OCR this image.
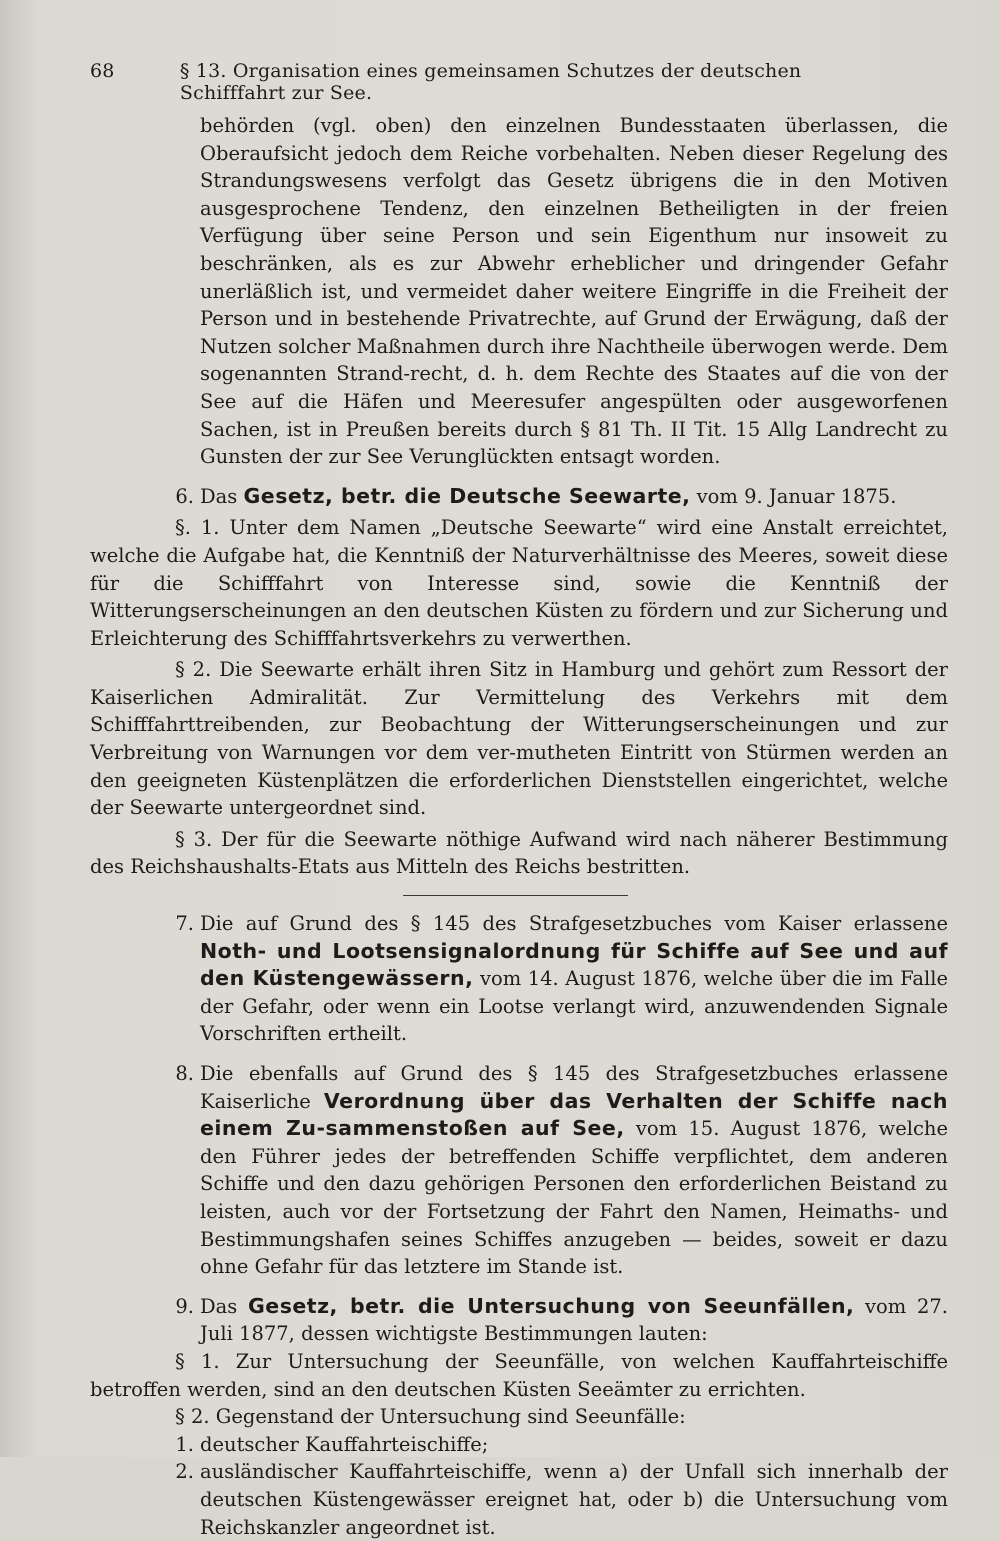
68	§ 13. Organisation eines gemeinsamen Schutzes der deutschen Schifffahrt zur See.

behörden (vgl. oben) den einzelnen Bundesstaaten überlassen, die Oberaufsicht jedoch dem Reiche vorbehalten. Neben dieser Regelung des Strandungswesens verfolgt das Gesetz übrigens die in den Motiven ausgesprochene Tendenz, den einzelnen Betheiligten in der freien Verfügung über seine Person und sein Eigenthum nur insoweit zu beschränken, als es zur Abwehr erheblicher und dringender Gefahr unerläßlich ist, und vermeidet daher weitere Eingriffe in die Freiheit der Person und in bestehende Privatrechte, auf Grund der Erwägung, daß der Nutzen solcher Maßnahmen durch ihre Nachtheile überwogen werde. Dem sogenannten Strand-recht, d. h. dem Rechte des Staates auf die von der See auf die Häfen und Meeresufer angespülten oder ausgeworfenen Sachen, ist in Preußen bereits durch § 81 Th. II Tit. 15 Allg Landrecht zu Gunsten der zur See Verunglückten entsagt worden.

6. Das Gesetz, betr. die Deutsche Seewarte, vom 9. Januar 1875.

§. 1. Unter dem Namen „Deutsche Seewarte“ wird eine Anstalt erreichtet, welche die Aufgabe hat, die Kenntniß der Naturverhältnisse des Meeres, soweit diese für die Schifffahrt von Interesse sind, sowie die Kenntniß der Witterungserscheinungen an den deutschen Küsten zu fördern und zur Sicherung und Erleichterung des Schifffahrtsverkehrs zu verwerthen.

§ 2. Die Seewarte erhält ihren Sitz in Hamburg und gehört zum Ressort der Kaiserlichen Admiralität. Zur Vermittelung des Verkehrs mit dem Schifffahrttreibenden, zur Beobachtung der Witterungserscheinungen und zur Verbreitung von Warnungen vor dem ver-mutheten Eintritt von Stürmen werden an den geeigneten Küstenplätzen die erforderlichen Dienststellen eingerichtet, welche der Seewarte untergeordnet sind.

§ 3. Der für die Seewarte nöthige Aufwand wird nach näherer Bestimmung des Reichshaushalts-Etats aus Mitteln des Reichs bestritten.

7. Die auf Grund des § 145 des Strafgesetzbuches vom Kaiser erlassene Noth- und Lootsensignalordnung für Schiffe auf See und auf den Küstengewässern, vom 14. August 1876, welche über die im Falle der Gefahr, oder wenn ein Lootse verlangt wird, anzuwendenden Signale Vorschriften ertheilt.
8. Die ebenfalls auf Grund des § 145 des Strafgesetzbuches erlassene Kaiserliche Verordnung über das Verhalten der Schiffe nach einem Zu-sammenstoßen auf See, vom 15. August 1876, welche den Führer jedes der betreffenden Schiffe verpflichtet, dem anderen Schiffe und den dazu gehörigen Personen den erforderlichen Beistand zu leisten, auch vor der Fortsetzung der Fahrt den Namen, Heimaths- und Bestimmungshafen seines Schiffes anzugeben — beides, soweit er dazu ohne Gefahr für das letztere im Stande ist.
9. Das Gesetz, betr. die Untersuchung von Seeunfällen, vom 27. Juli 1877, dessen wichtigste Bestimmungen lauten:

§ 1. Zur Untersuchung der Seeunfälle, von welchen Kauffahrteischiffe betroffen werden, sind an den deutschen Küsten Seeämter zu errichten.

§ 2. Gegenstand der Untersuchung sind Seeunfälle:

1. deutscher Kauffahrteischiffe;
2. ausländischer Kauffahrteischiffe, wenn a) der Unfall sich innerhalb der deutschen Küstengewässer ereignet hat, oder b) die Untersuchung vom Reichskanzler angeordnet ist.
